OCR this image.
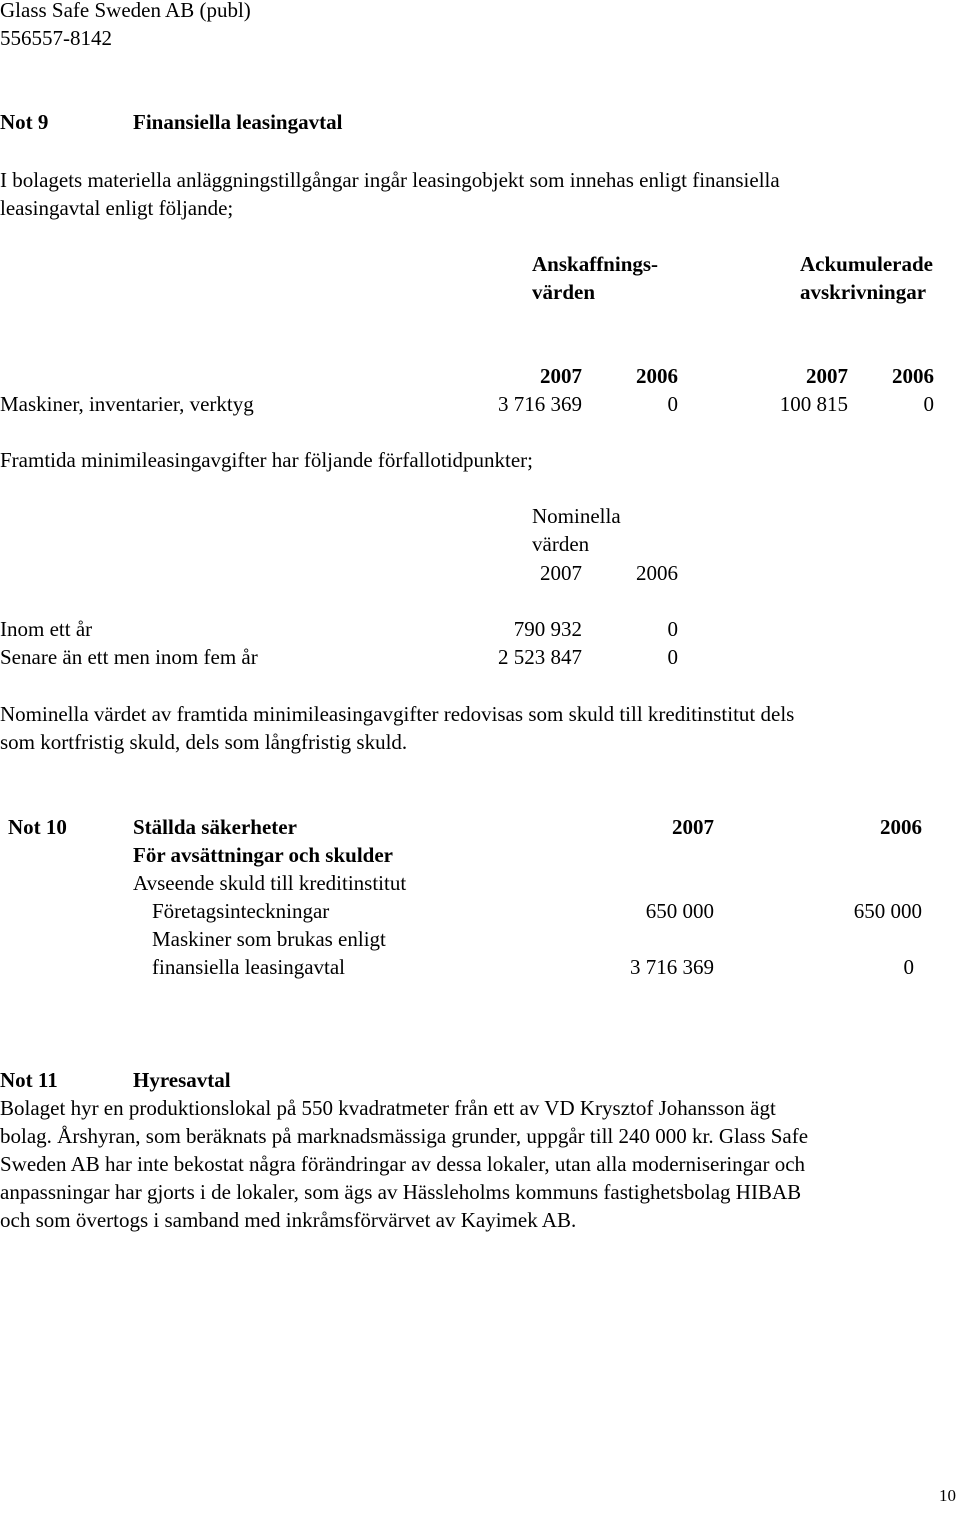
Glass Safe Sweden AB (publ)
556557-8142
Not 9	Finansiella leasingavtal
I bolagets materiella anläggningstillgångar ingår leasingobjekt som innehas enligt finansiella
leasingavtal enligt följande;
Anskaffnings-
värden
Ackumulerade
avskrivningar
2007	2006	2007	2006
Maskiner, inventarier, verktyg	3 716 369	0	100 815	0
Framtida minimileasingavgifter har följande förfallotidpunkter;
Nominella
värden
2007	2006
Inom ett år	790 932	0
Senare än ett men inom fem år	2 523 847	0
Nominella värdet av framtida minimileasingavgifter redovisas som skuld till kreditinstitut dels
som kortfristig skuld, dels som långfristig skuld.
Not 10	Ställda säkerheter	2007	2006
För avsättningar och skulder
Avseende skuld till kreditinstitut
Företagsinteckningar	650 000	650 000
Maskiner som brukas enligt
finansiella leasingavtal	3 716 369	0
Not 11	Hyresavtal
Bolaget hyr en produktionslokal på 550 kvadratmeter från ett av VD Krysztof Johansson ägt
bolag. Årshyran, som beräknats på marknadsmässiga grunder, uppgår till 240 000 kr. Glass Safe
Sweden AB har inte bekostat några förändringar av dessa lokaler, utan alla moderniseringar och
anpassningar har gjorts i de lokaler, som ägs av Hässleholms kommuns fastighetsbolag HIBAB
och som övertogs i samband med inkråmsförvärvet av Kayimek AB.
10
